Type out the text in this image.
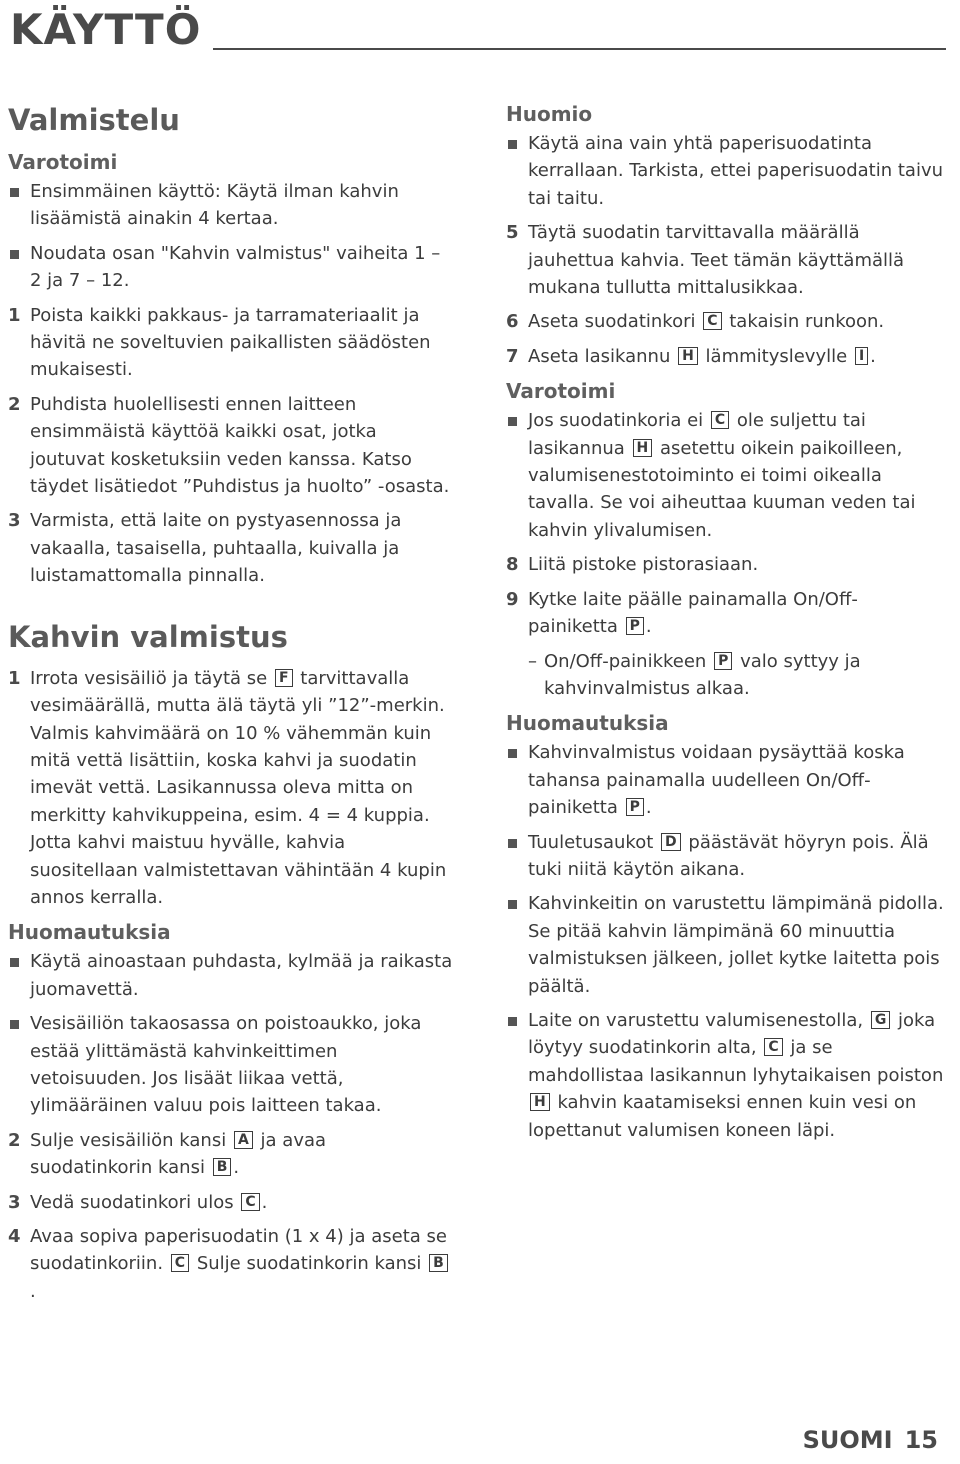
KÄYTTÖ
Valmistelu
Varotoimi
Ensimmäinen käyttö: Käytä ilman kahvin lisäämistä ainakin 4 kertaa.
Noudata osan "Kahvin valmistus" vaiheita 1 – 2 ja 7 – 12.
1 Poista kaikki pakkaus- ja tarramateriaalit ja hävitä ne soveltuvien paikallisten säädösten mukaisesti.
2 Puhdista huolellisesti ennen laitteen ensimmäistä käyttöä kaikki osat, jotka joutuvat kosketuksiin veden kanssa. Katso täydet lisätiedot ”Puhdistus ja huolto” -osasta.
3 Varmista, että laite on pystyasennossa ja vakaalla, tasaisella, puhtaalla, kuivalla ja luistamattomalla pinnalla.
Kahvin valmistus
1 Irrota vesisäiliö ja täytä se F tarvittavalla vesimäärällä, mutta älä täytä yli ”12”-merkin. Valmis kahvimäärä on 10 % vähemmän kuin mitä vettä lisättiin, koska kahvi ja suodatin imevät vettä. Lasikannussa oleva mitta on merkitty kahvikuppeina, esim. 4 = 4 kuppia. Jotta kahvi maistuu hyvälle, kahvia suositellaan valmistettavan vähintään 4 kupin annos kerralla.
Huomautuksia
Käytä ainoastaan puhdasta, kylmää ja raikasta juomavettä.
Vesisäiliön takaosassa on poistoaukko, joka estää ylittämästä kahvinkeittimen vetoisuuden. Jos lisäät liikaa vettä, ylimääräinen valuu pois laitteen takaa.
2 Sulje vesisäiliön kansi A ja avaa suodatinkorin kansi B .
3 Vedä suodatinkori ulos C .
4 Avaa sopiva paperisuodatin (1 x 4) ja aseta se suodatinkoriin. C Sulje suodatinkorin kansi B.
Huomio
Käytä aina vain yhtä paperisuodatinta kerrallaan. Tarkista, ettei paperisuodatin taivu tai taitu.
5 Täytä suodatin tarvittavalla määrällä jauhettua kahvia. Teet tämän käyttämällä mukana tullutta mittalusikkaa.
6 Aseta suodatinkori C takaisin runkoon.
7 Aseta lasikannu H lämmityslevylle I .
Varotoimi
Jos suodatinkoria ei C ole suljettu tai lasikannua H asetettu oikein paikoilleen, valumisenestotoiminto ei toimi oikealla tavalla. Se voi aiheuttaa kuuman veden tai kahvin ylivalumisen.
8 Liitä pistoke pistorasiaan.
9 Kytke laite päälle painamalla On/Off-painiketta P .
– On/Off-painikkeen P valo syttyy ja kahvinvalmistus alkaa.
Huomautuksia
Kahvinvalmistus voidaan pysäyttää koska tahansa painamalla uudelleen On/Off-painiketta P .
Tuuletusaukot D päästävät höyryn pois. Älä tuki niitä käytön aikana.
Kahvinkeitin on varustettu lämpimänä pidolla. Se pitää kahvin lämpimänä 60 minuuttia valmistuksen jälkeen, jollet kytke laitetta pois päältä.
Laite on varustettu valumisenestolla, G joka löytyy suodatinkorin alta, C ja se mahdollistaa lasikannun lyhytaikaisen poiston H kahvin kaatamiseksi ennen kuin vesi on lopettanut valumisen koneen läpi.
SUOMI 15
